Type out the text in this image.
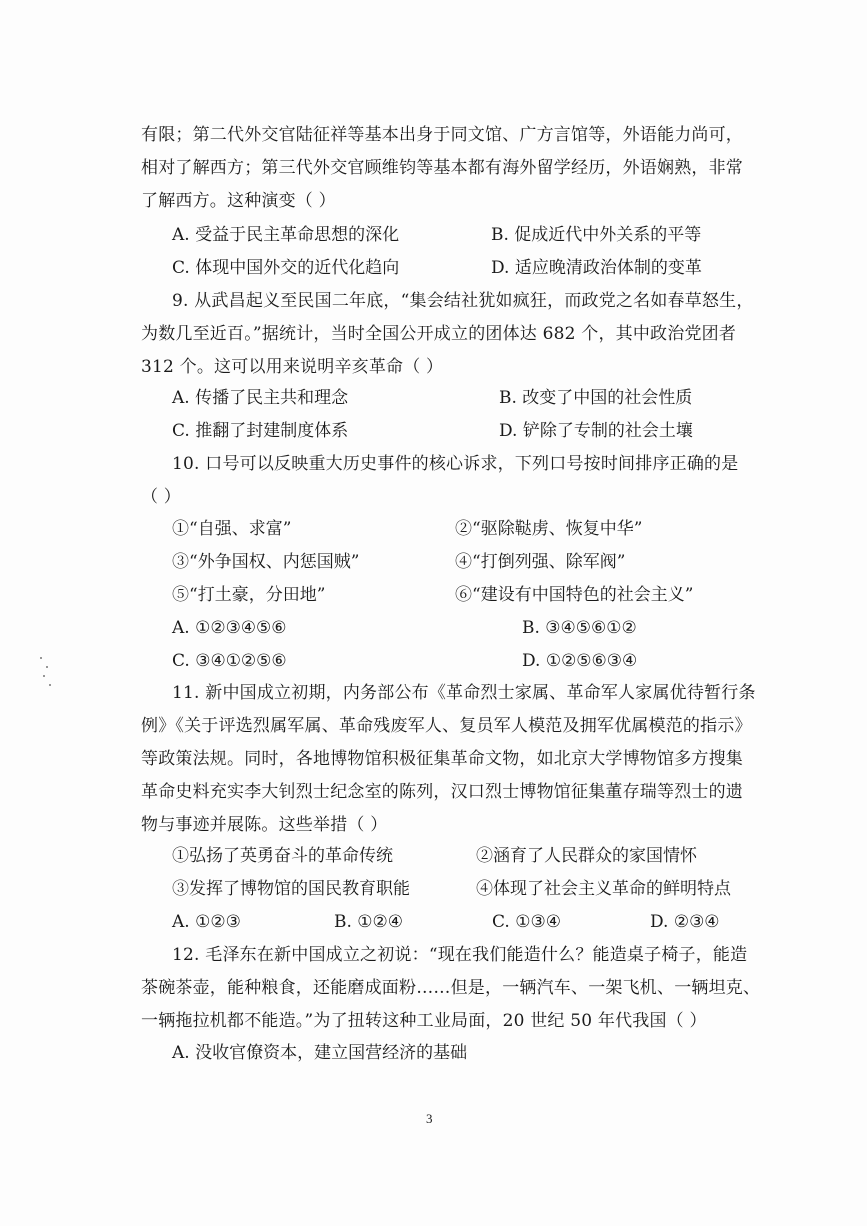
有限；第二代外交官陆征祥等基本出身于同文馆、广方言馆等，外语能力尚可，
相对了解西方；第三代外交官顾维钧等基本都有海外留学经历，外语娴熟，非常
了解西方。这种演变（ ）
A. 受益于民主革命思想的深化	B. 促成近代中外关系的平等
C. 体现中国外交的近代化趋向	D. 适应晚清政治体制的变革
9. 从武昌起义至民国二年底，“集会结社犹如疯狂，而政党之名如春草怒生，
为数几至近百。”据统计，当时全国公开成立的团体达 682 个，其中政治党团者
312 个。这可以用来说明辛亥革命（ ）
A. 传播了民主共和理念	B. 改变了中国的社会性质
C. 推翻了封建制度体系	D. 铲除了专制的社会土壤
10. 口号可以反映重大历史事件的核心诉求，下列口号按时间排序正确的是
（ ）
①“自强、求富”	②“驱除鞑虏、恢复中华”
③“外争国权、内惩国贼”	④“打倒列强、除军阀”
⑤“打土豪，分田地”	⑥“建设有中国特色的社会主义”
A. ①②③④⑤⑥	B. ③④⑤⑥①②
C. ③④①②⑤⑥	D. ①②⑤⑥③④
11. 新中国成立初期，内务部公布《革命烈士家属、革命军人家属优待暂行条
例》《关于评选烈属军属、革命残废军人、复员军人模范及拥军优属模范的指示》
等政策法规。同时，各地博物馆积极征集革命文物，如北京大学博物馆多方搜集
革命史料充实李大钊烈士纪念室的陈列，汉口烈士博物馆征集董存瑞等烈士的遗
物与事迹并展陈。这些举措（ ）
①弘扬了英勇奋斗的革命传统	②涵育了人民群众的家国情怀
③发挥了博物馆的国民教育职能	④体现了社会主义革命的鲜明特点
A. ①②③	B. ①②④	C. ①③④	D. ②③④
12. 毛泽东在新中国成立之初说：“现在我们能造什么？能造桌子椅子，能造
茶碗茶壶，能种粮食，还能磨成面粉……但是，一辆汽车、一架飞机、一辆坦克、
一辆拖拉机都不能造。”为了扭转这种工业局面，20 世纪 50 年代我国（ ）
A. 没收官僚资本，建立国营经济的基础
3
